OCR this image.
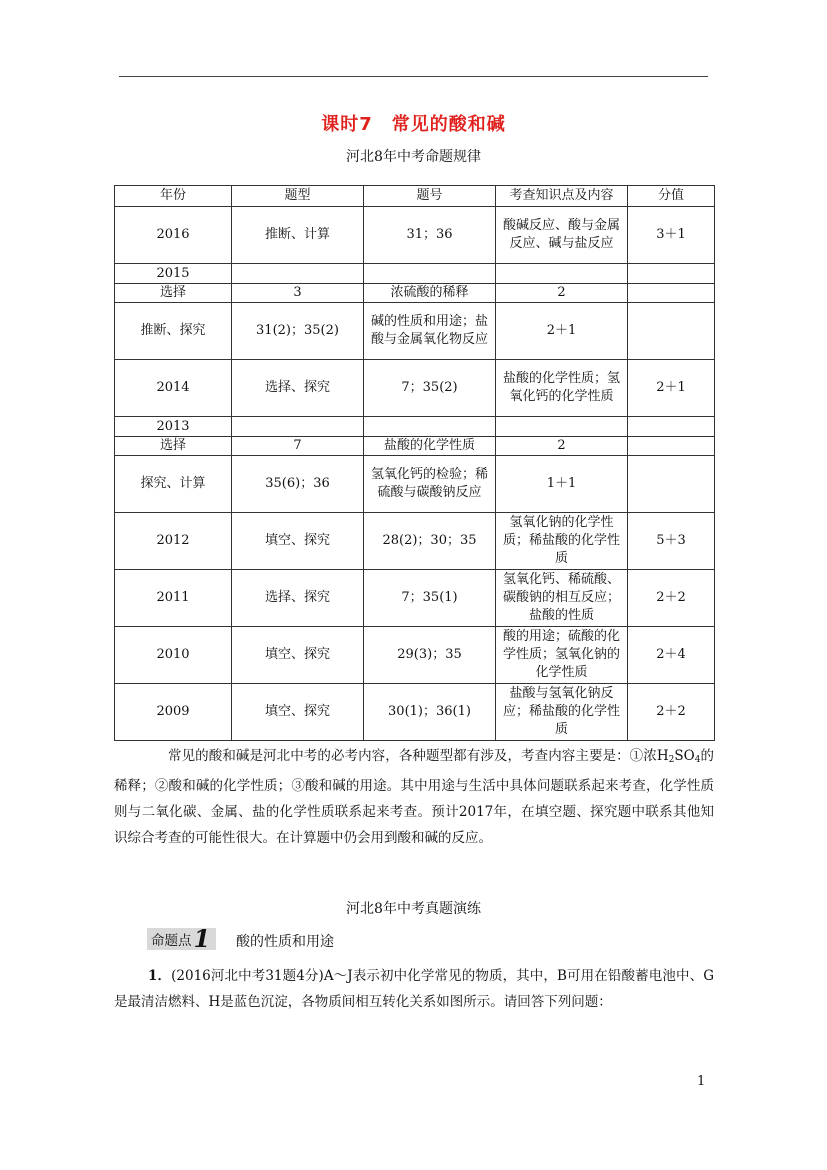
课时7　常见的酸和碱
河北8年中考命题规律
年份	题型	题号	考查知识点及内容	分值
2016	推断、计算	31；36	酸碱反应、酸与金属反应、碱与盐反应	3＋1
2015				
选择	3	浓硫酸的稀释	2	
推断、探究	31(2)；35(2)	碱的性质和用途；盐酸与金属氧化物反应	2＋1	
2014	选择、探究	7；35(2)	盐酸的化学性质；氢氧化钙的化学性质	2＋1
2013				
选择	7	盐酸的化学性质	2	
探究、计算	35(6)；36	氢氧化钙的检验；稀硫酸与碳酸钠反应	1＋1	
2012	填空、探究	28(2)；30；35	氢氧化钠的化学性质；稀盐酸的化学性质	5＋3
2011	选择、探究	7；35(1)	氢氧化钙、稀硫酸、碳酸钠的相互反应；盐酸的性质	2＋2
2010	填空、探究	29(3)；35	酸的用途；硫酸的化学性质；氢氧化钠的化学性质	2＋4
2009	填空、探究	30(1)；36(1)	盐酸与氢氧化钠反应；稀盐酸的化学性质	2＋2
常见的酸和碱是河北中考的必考内容，各种题型都有涉及，考查内容主要是：①浓$H_2SO_4$的稀释；②酸和碱的化学性质；③酸和碱的用途。其中用途与生活中具体问题联系起来考查，化学性质则与二氧化碳、金属、盐的化学性质联系起来考查。预计2017年，在填空题、探究题中联系其他知识综合考查的可能性很大。在计算题中仍会用到酸和碱的反应。
河北8年中考真题演练
命题点 1 酸的性质和用途
1．(2016河北中考31题4分)A～J表示初中化学常见的物质，其中，B可用在铅酸蓄电池中、G是最清洁燃料、H是蓝色沉淀，各物质间相互转化关系如图所示。请回答下列问题：
1
